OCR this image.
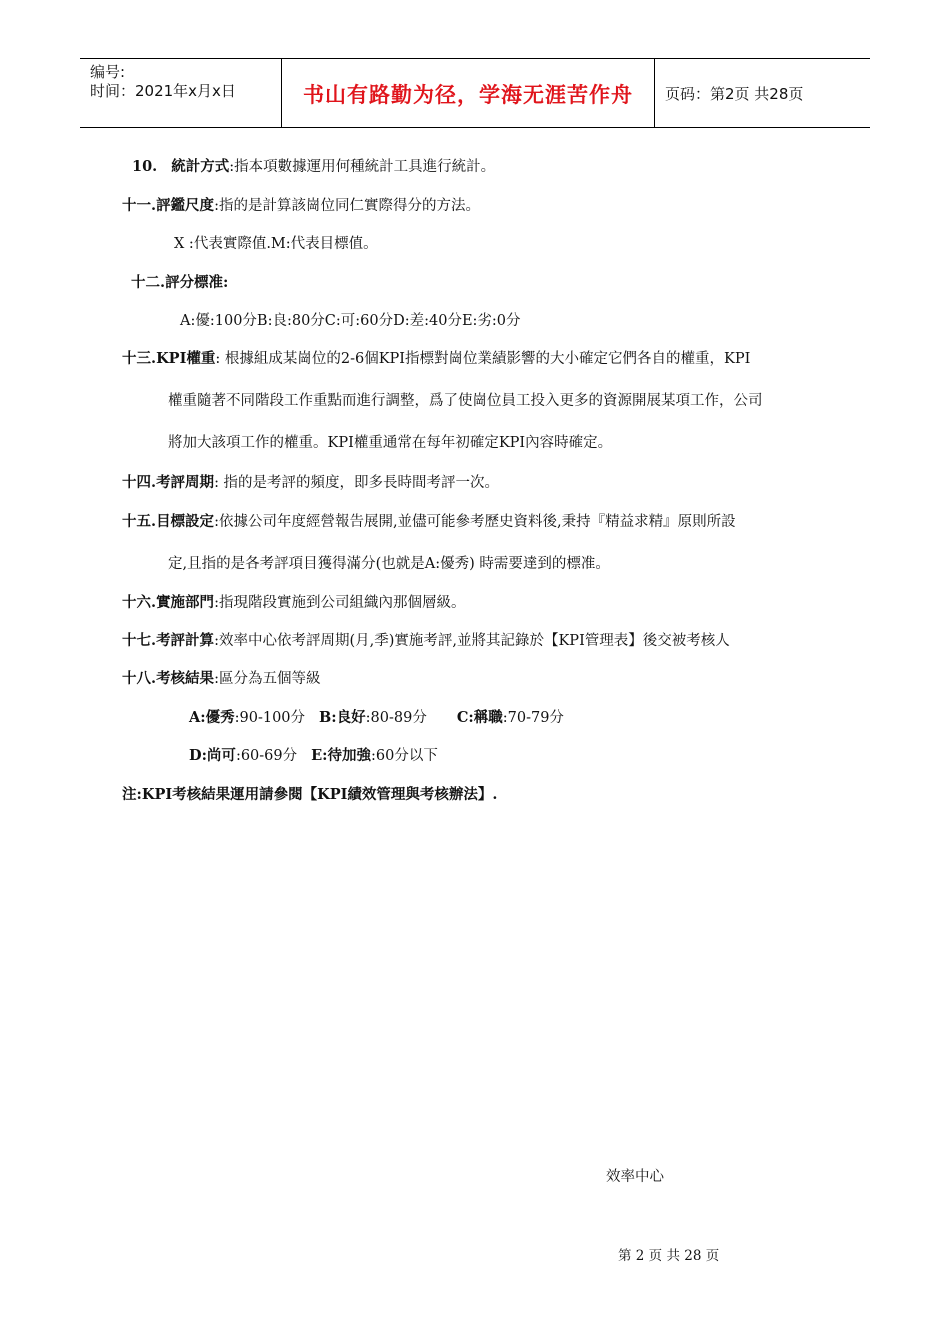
编号:
时间：2021年x月x日	书山有路勤为径，学海无涯苦作舟	页码：第2页 共28页
10. 統計方式:指本項數據運用何種統計工具進行統計。
十一.評鑑尺度:指的是計算該崗位同仁實際得分的方法。
X :代表實際值.M:代表目標值。
十二.評分標准:
A:優:100分B:良:80分C:可:60分D:差:40分E:劣:0分
十三.KPI權重: 根據組成某崗位的2-6個KPI指標對崗位業績影響的大小確定它們各自的權重，KPI
權重隨著不同階段工作重點而進行調整，爲了使崗位員工投入更多的資源開展某項工作，公司
將加大該項工作的權重。KPI權重通常在每年初確定KPI內容時確定。
十四.考評周期: 指的是考評的頻度，即多長時間考評一次。
十五.目標設定:依據公司年度經營報告展開,並儘可能參考歷史資料後,秉持『精益求精』原則所設
定,且指的是各考評項目獲得滿分(也就是A:優秀) 時需要達到的標准。
十六.實施部門:指現階段實施到公司組織內那個層級。
十七.考評計算:效率中心依考評周期(月,季)實施考評,並將其記錄於【KPI管理表】後交被考核人
十八.考核結果:區分為五個等級
A:優秀:90-100分 B:良好:80-89分 C:稱職:70-79分
D:尚可:60-69分 E:待加強:60分以下
注:KPI考核結果運用請參閱【KPI績效管理與考核辦法】.
效率中心
第 2 页 共 28 页
